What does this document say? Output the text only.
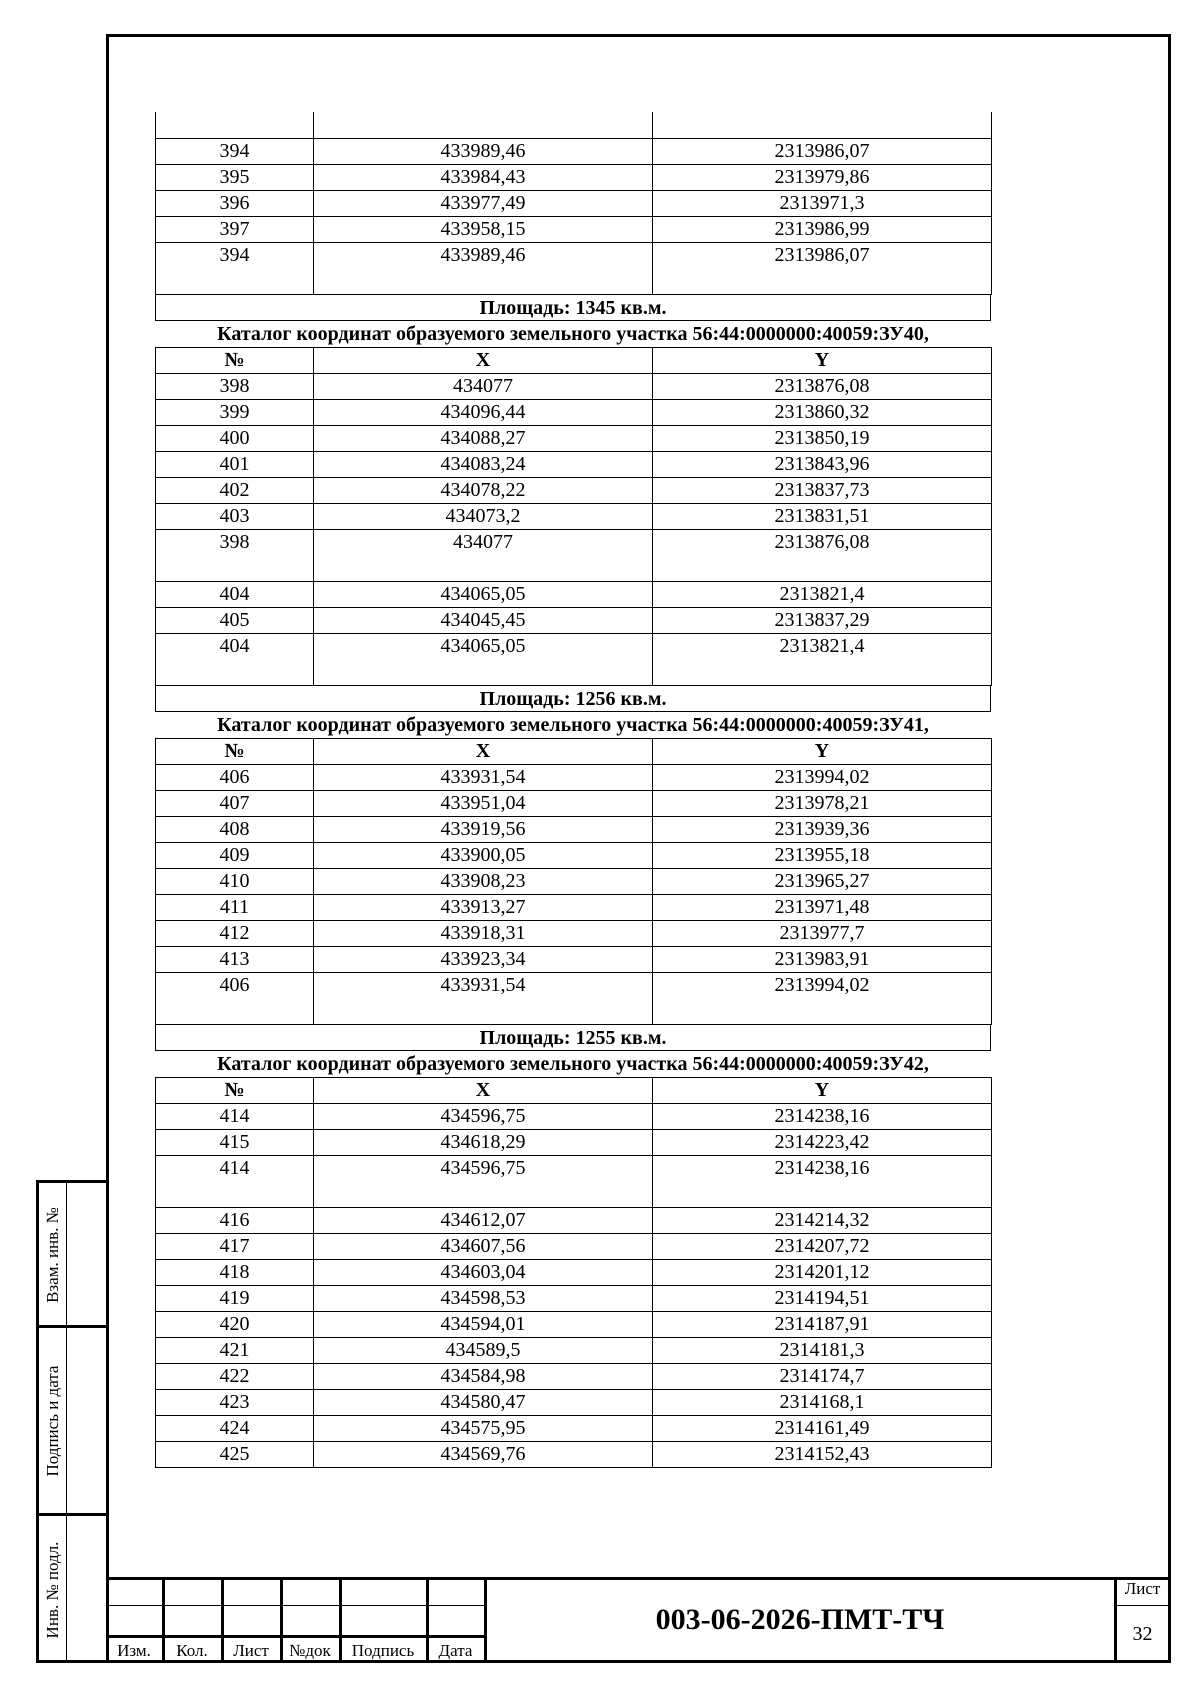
394	433989,46	2313986,07
395	433984,43	2313979,86
396	433977,49	2313971,3
397	433958,15	2313986,99
394	433989,46	2313986,07
Площадь: 1345 кв.м.
Каталог координат образуемого земельного участка 56:44:0000000:40059:ЗУ40,
№	X	Y
398	434077	2313876,08
399	434096,44	2313860,32
400	434088,27	2313850,19
401	434083,24	2313843,96
402	434078,22	2313837,73
403	434073,2	2313831,51
398	434077	2313876,08
404	434065,05	2313821,4
405	434045,45	2313837,29
404	434065,05	2313821,4
Площадь: 1256 кв.м.
Каталог координат образуемого земельного участка 56:44:0000000:40059:ЗУ41,
№	X	Y
406	433931,54	2313994,02
407	433951,04	2313978,21
408	433919,56	2313939,36
409	433900,05	2313955,18
410	433908,23	2313965,27
411	433913,27	2313971,48
412	433918,31	2313977,7
413	433923,34	2313983,91
406	433931,54	2313994,02
Площадь: 1255 кв.м.
Каталог координат образуемого земельного участка 56:44:0000000:40059:ЗУ42,
№	X	Y
414	434596,75	2314238,16
415	434618,29	2314223,42
414	434596,75	2314238,16
416	434612,07	2314214,32
417	434607,56	2314207,72
418	434603,04	2314201,12
419	434598,53	2314194,51
420	434594,01	2314187,91
421	434589,5	2314181,3
422	434584,98	2314174,7
423	434580,47	2314168,1
424	434575,95	2314161,49
425	434569,76	2314152,43
Взам. инв. №
Подпись и дата
Инв. № подл.
Изм.	Кол.	Лист	№док	Подпись	Дата
003-06-2026-ПМТ-ТЧ
Лист
32
